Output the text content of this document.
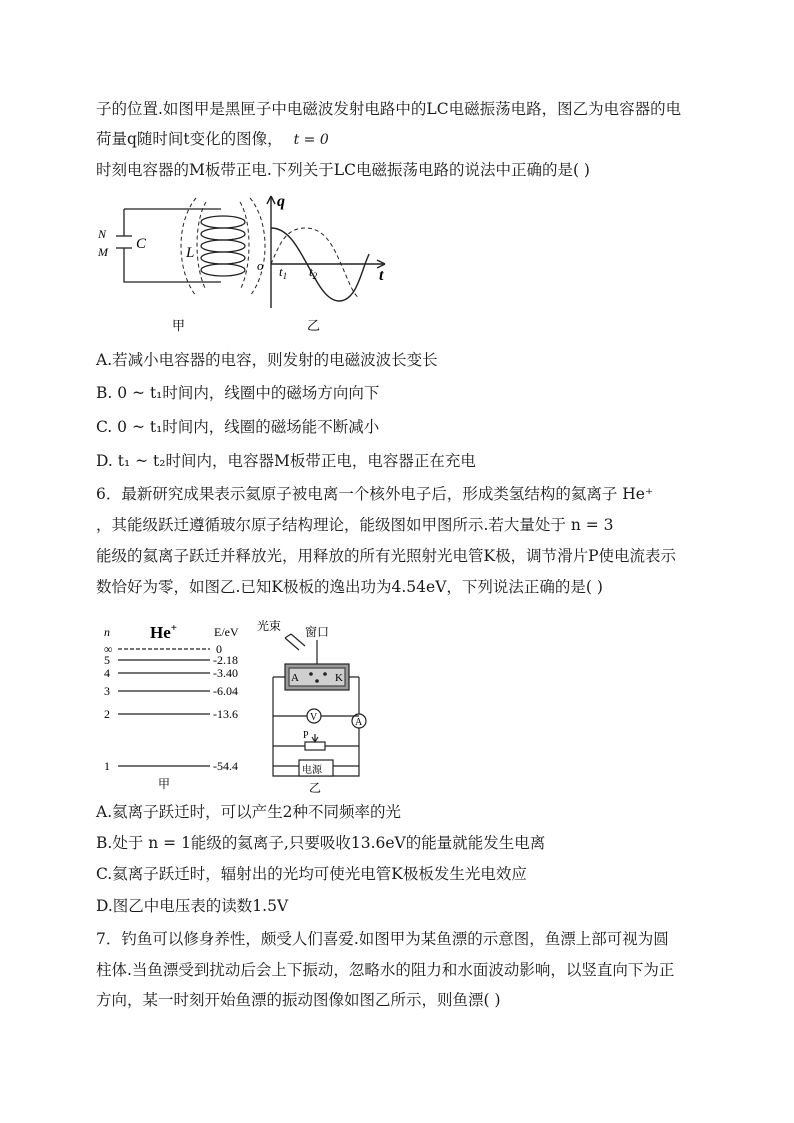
子的位置.如图甲是黑匣子中电磁波发射电路中的LC电磁振荡电路，图乙为电容器的电
荷量q随时间t变化的图像， t = 0
时刻电容器的M板带正电.下列关于LC电磁振荡电路的说法中正确的是( )
N
M C
L
甲
q
t
o $t_1$ $t_2$
乙
A.若减小电容器的电容，则发射的电磁波波长变长
B. 0 ~ t₁时间内，线圈中的磁场方向向下
C. 0 ~ t₁时间内，线圈的磁场能不断减小
D. t₁ ~ t₂时间内，电容器M板带正电，电容器正在充电
6．最新研究成果表示氦原子被电离一个核外电子后，形成类氢结构的氦离子 He⁺
，其能级跃迁遵循玻尔原子结构理论，能级图如甲图所示.若大量处于 n = 3
能级的氦离子跃迁并释放光，用释放的所有光照射光电管K极，调节滑片P使电流表示
数恰好为零，如图乙.已知K极板的逸出功为4.54eV，下列说法正确的是( )
n He+	E/eV
∞
5
4
3
2
1
0
-2.18
-3.40
-6.04
-13.6
-54.4
甲
光束 窗口
A	K
A
V
P
电源
乙
A.氦离子跃迁时，可以产生2种不同频率的光
B.处于 n = 1能级的氦离子,只要吸收13.6eV的能量就能发生电离
C.氦离子跃迁时，辐射出的光均可使光电管K极板发生光电效应
D.图乙中电压表的读数1.5V
7．钓鱼可以修身养性，颇受人们喜爱.如图甲为某鱼漂的示意图，鱼漂上部可视为圆
柱体.当鱼漂受到扰动后会上下振动，忽略水的阻力和水面波动影响，以竖直向下为正
方向，某一时刻开始鱼漂的振动图像如图乙所示，则鱼漂( )
